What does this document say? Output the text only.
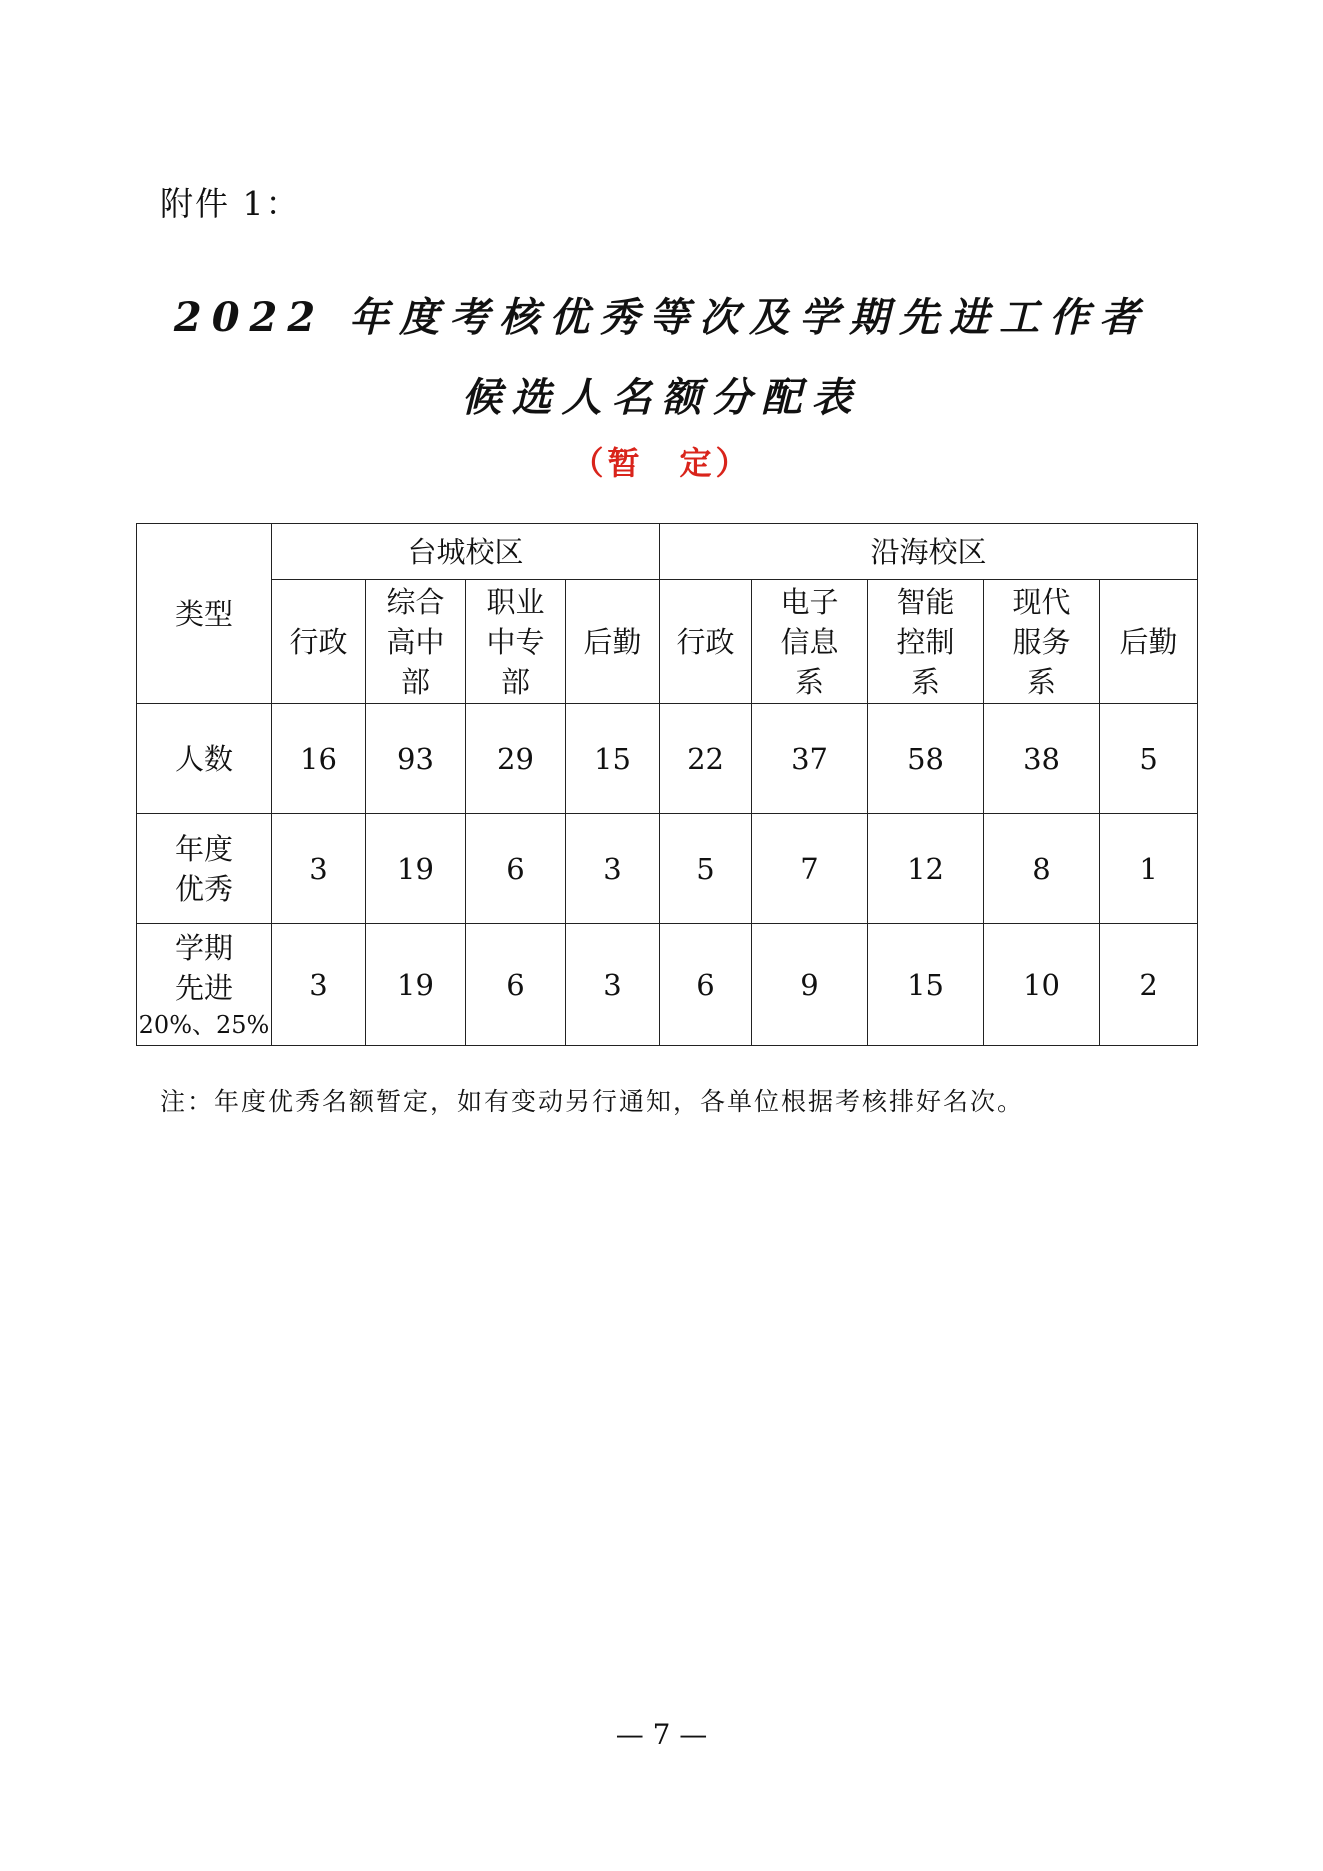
附件 1：
2022 年度考核优秀等次及学期先进工作者
候选人名额分配表
（暂　定）
类型	台城校区				沿海校区				

	行政	综合
高中
部	职业
中专
部	后勤	行政	电子
信息
系	智能
控制
系	现代
服务
系	后勤

人数	16	93	29	15	22	37	58	38	5

年度
优秀	3	19	6	3	5	7	12	8	1

学期
先进
20%、25%	3	19	6	3	6	9	15	10	2
注：年度优秀名额暂定，如有变动另行通知，各单位根据考核排好名次。
— 7 —
